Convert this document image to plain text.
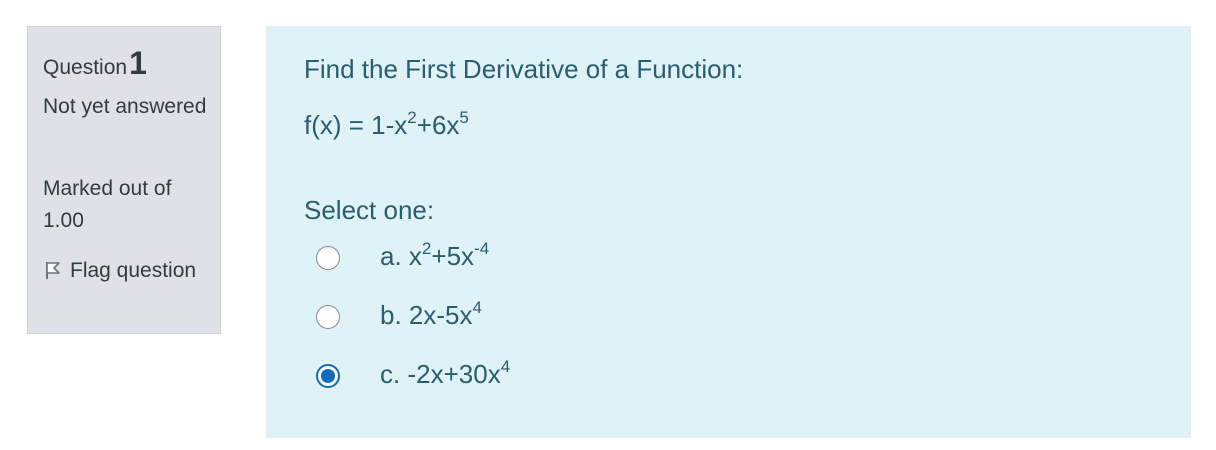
Question1
Not yet answered
Marked out of 1.00
Flag question
Find the First Derivative of a Function:
$f(x) = 1-x^2+6x^5$
Select one:
a. $x^2+5x^{-4}$
b. $2x-5x^4$
c. $-2x+30x^4$
